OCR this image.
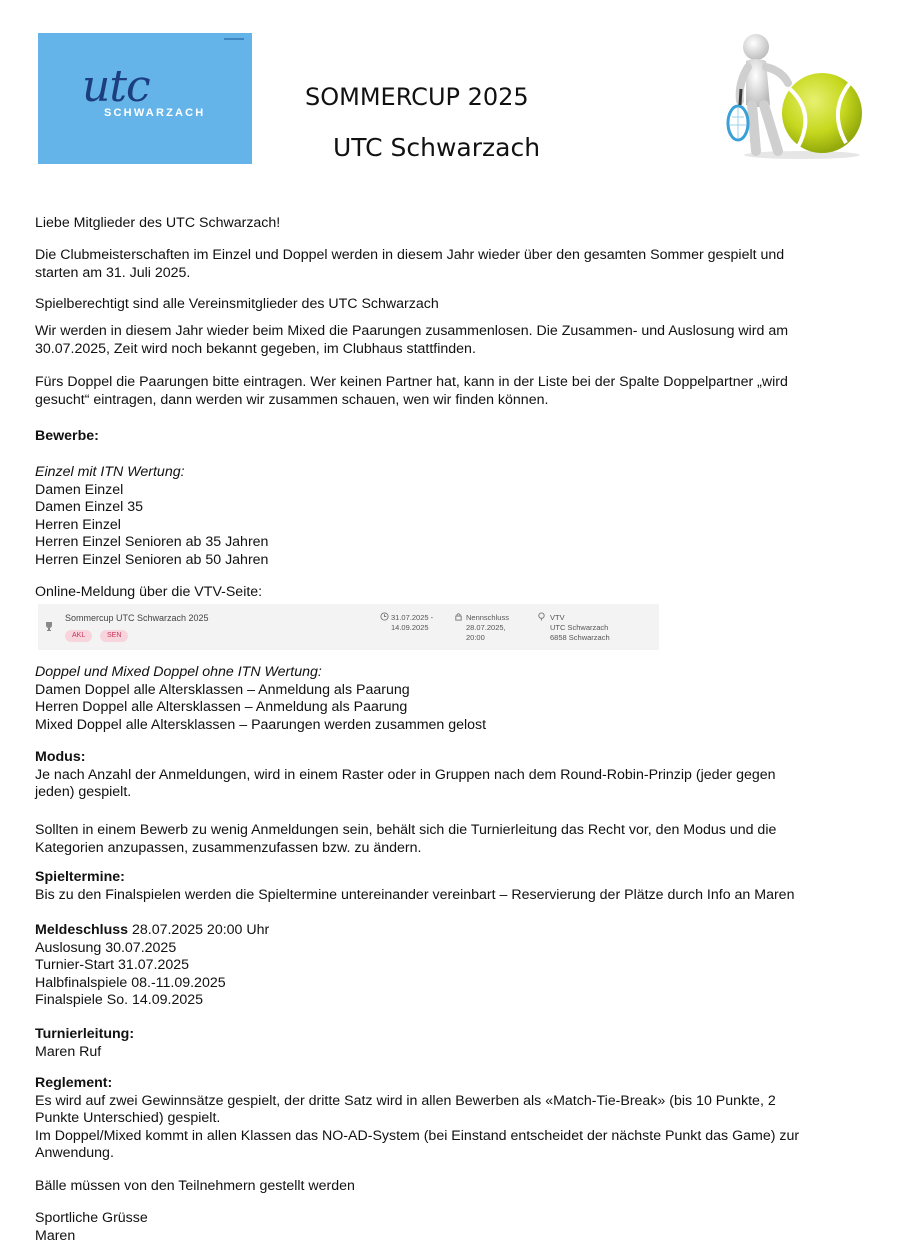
utc
SCHWARZACH
SOMMERCUP 2025
UTC Schwarzach
Liebe Mitglieder des UTC Schwarzach!
Die Clubmeisterschaften im Einzel und Doppel werden in diesem Jahr wieder über den gesamten Sommer gespielt und
starten am 31. Juli 2025.
Spielberechtigt sind alle Vereinsmitglieder des UTC Schwarzach
Wir werden in diesem Jahr wieder beim Mixed die Paarungen zusammenlosen. Die Zusammen- und Auslosung wird am
30.07.2025, Zeit wird noch bekannt gegeben, im Clubhaus stattfinden.
Fürs Doppel die Paarungen bitte eintragen. Wer keinen Partner hat, kann in der Liste bei der Spalte Doppelpartner „wird
gesucht“ eintragen, dann werden wir zusammen schauen, wen wir finden können.
Bewerbe:
Einzel mit ITN Wertung:
Damen Einzel
Damen Einzel 35
Herren Einzel
Herren Einzel Senioren ab 35 Jahren
Herren Einzel Senioren ab 50 Jahren
Online-Meldung über die VTV-Seite:
Sommercup UTC Schwarzach 2025
AKL	SEN
31.07.2025 -
14.09.2025
Nennschluss
28.07.2025,
20:00
VTV
UTC Schwarzach
6858 Schwarzach
Doppel und Mixed Doppel ohne ITN Wertung:
Damen Doppel alle Altersklassen – Anmeldung als Paarung
Herren Doppel alle Altersklassen – Anmeldung als Paarung
Mixed Doppel alle Altersklassen – Paarungen werden zusammen gelost
Modus:
Je nach Anzahl der Anmeldungen, wird in einem Raster oder in Gruppen nach dem Round-Robin-Prinzip (jeder gegen
jeden) gespielt.
Sollten in einem Bewerb zu wenig Anmeldungen sein, behält sich die Turnierleitung das Recht vor, den Modus und die
Kategorien anzupassen, zusammenzufassen bzw. zu ändern.
Spieltermine:
Bis zu den Finalspielen werden die Spieltermine untereinander vereinbart – Reservierung der Plätze durch Info an Maren
Meldeschluss 28.07.2025 20:00 Uhr
Auslosung 30.07.2025
Turnier-Start 31.07.2025
Halbfinalspiele 08.-11.09.2025
Finalspiele So. 14.09.2025
Turnierleitung:
Maren Ruf
Reglement:
Es wird auf zwei Gewinnsätze gespielt, der dritte Satz wird in allen Bewerben als «Match-Tie-Break» (bis 10 Punkte, 2
Punkte Unterschied) gespielt.
Im Doppel/Mixed kommt in allen Klassen das NO-AD-System (bei Einstand entscheidet der nächste Punkt das Game) zur
Anwendung.
Bälle müssen von den Teilnehmern gestellt werden
Sportliche Grüsse
Maren
